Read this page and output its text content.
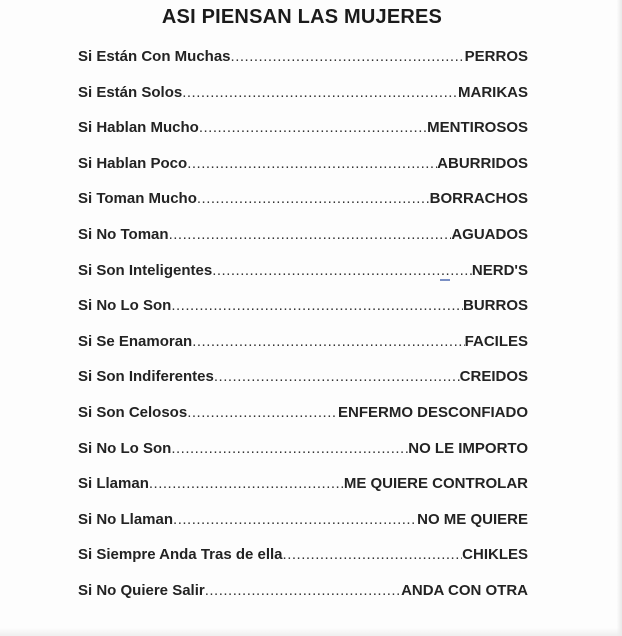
ASI PIENSAN LAS MUJERES
Si Están Con Muchas	PERROS
.....
Si Están Solos	MARIKAS
.....
Si Hablan Mucho	MENTIROSOS
.....
Si Hablan Poco	ABURRIDOS
.....
Si Toman Mucho	BORRACHOS
.....
Si No Toman	AGUADOS
.....
Si Son Inteligentes	NERD'S
.....
Si No Lo Son	BURROS
.....
Si Se Enamoran	FACILES
.....
Si Son Indiferentes	CREIDOS
.....
Si Son Celosos	ENFERMO DESCONFIADO
.....
Si No Lo Son	NO LE IMPORTO
.....
Si Llaman	ME QUIERE CONTROLAR
.....
Si No Llaman	NO ME QUIERE
.....
Si Siempre Anda Tras de ella	CHIKLES
.....
Si No Quiere Salir	ANDA CON OTRA
.....
